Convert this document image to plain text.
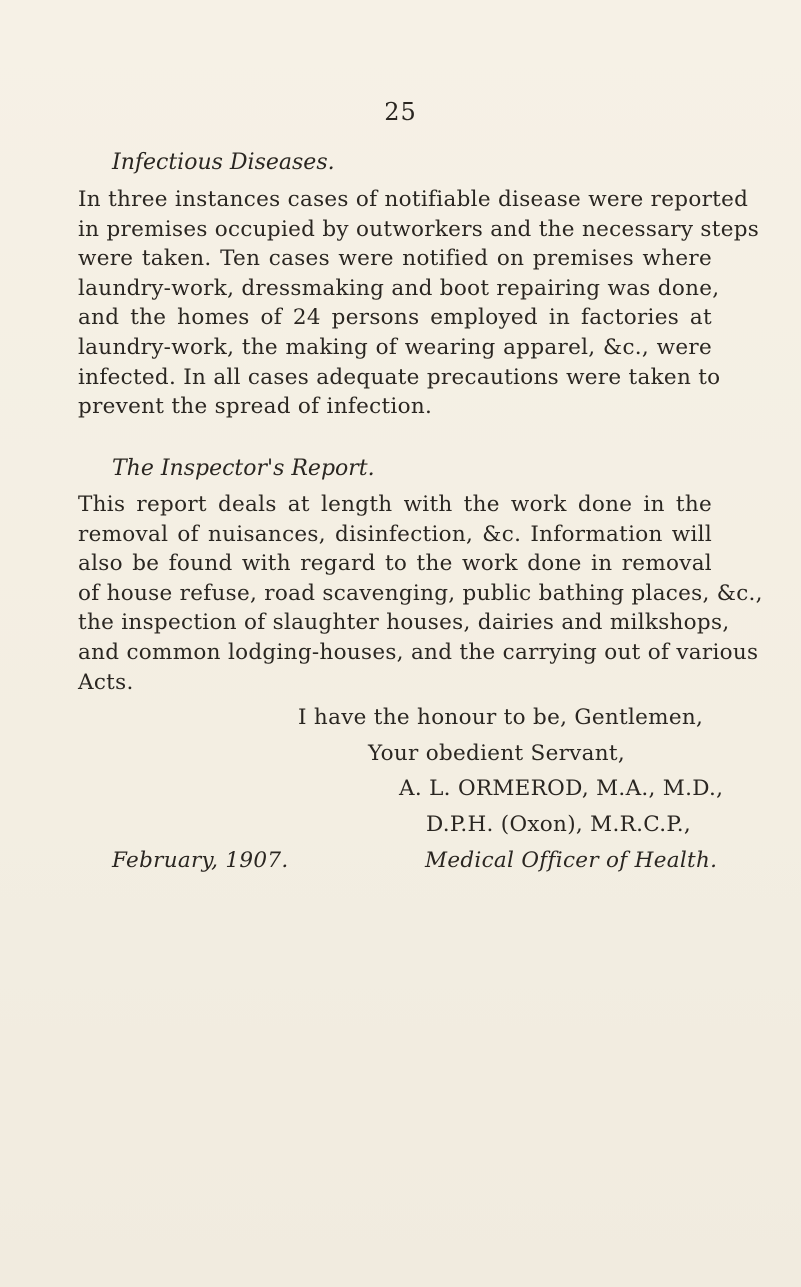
25
Infectious Diseases.
In three instances cases of notifiable disease were reported
in premises occupied by outworkers and the necessary steps
were taken. Ten cases were notified on premises where
laundry-work, dressmaking and boot repairing was done,
and the homes of 24 persons employed in factories at
laundry-work, the making of wearing apparel, &c., were
infected. In all cases adequate precautions were taken to
prevent the spread of infection.
The Inspector's Report.
This report deals at length with the work done in the
removal of nuisances, disinfection, &c. Information will
also be found with regard to the work done in removal
of house refuse, road scavenging, public bathing places, &c.,
the inspection of slaughter houses, dairies and milkshops,
and common lodging-houses, and the carrying out of various
Acts.
I have the honour to be, Gentlemen,
Your obedient Servant,
A. L. ORMEROD, M.A., M.D.,
D.P.H. (Oxon), M.R.C.P.,
February, 1907.	Medical Officer of Health.
